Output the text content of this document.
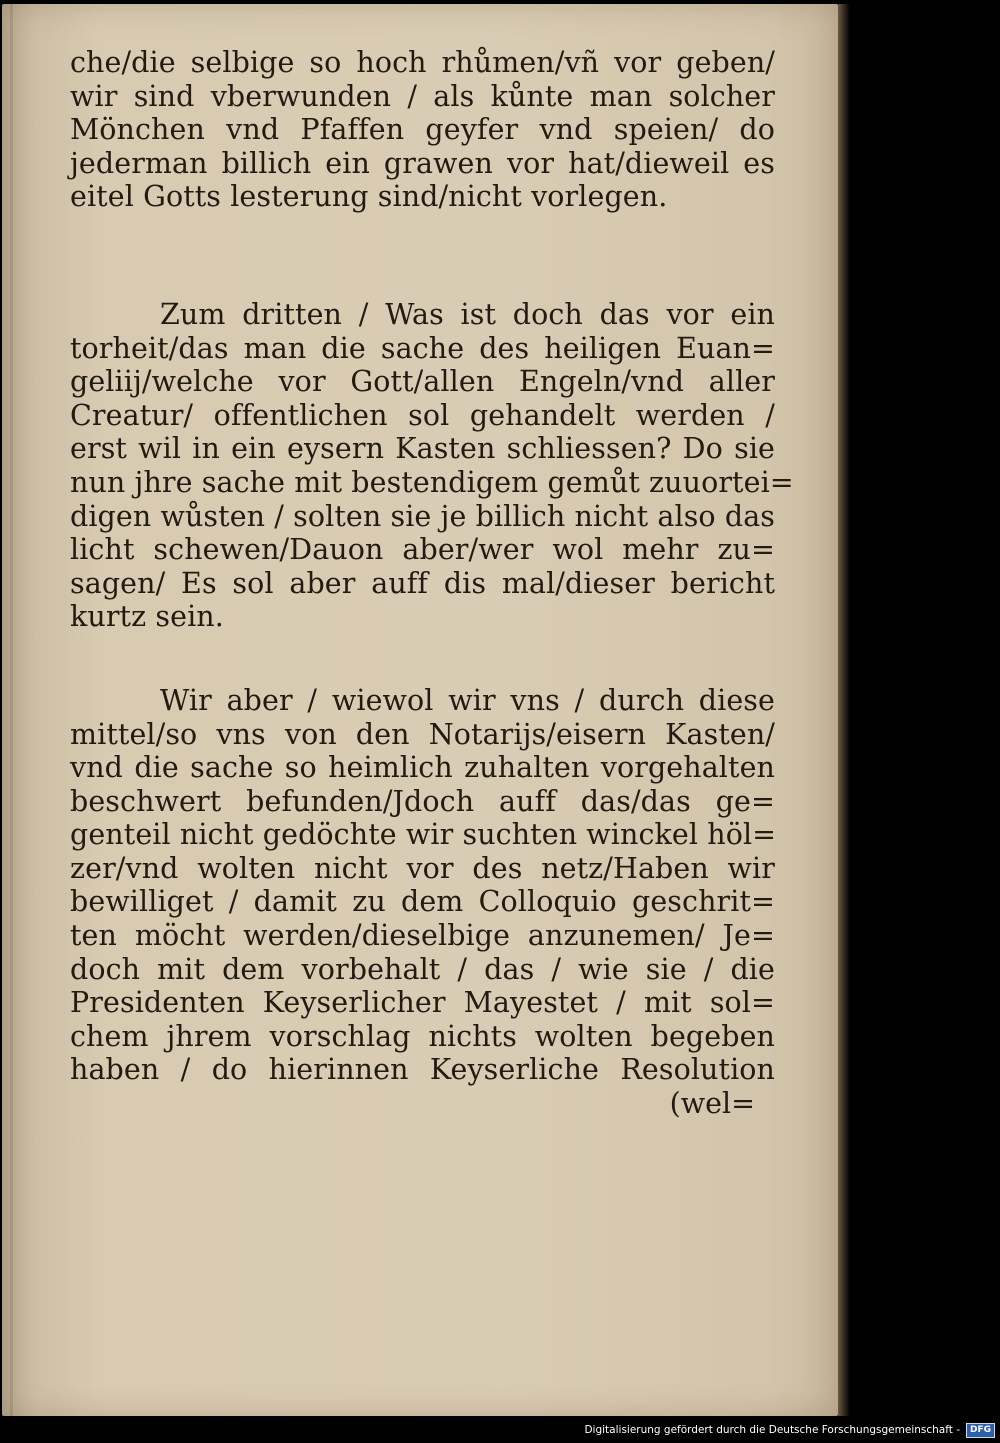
che/die selbige so hoch rhůmen/vñ vor geben/
wir sind vberwunden / als kůnte man solcher
Mönchen vnd Pfaffen geyfer vnd speien/ do
jederman billich ein grawen vor hat/dieweil es
eitel Gotts lesterung sind/nicht vorlegen.
Zum dritten / Was ist doch das vor ein
torheit/das man die sache des heiligen Euan=
geliij/welche vor Gott/allen Engeln/vnd aller
Creatur/ offentlichen sol gehandelt werden /
erst wil in ein eysern Kasten schliessen? Do sie
nun jhre sache mit bestendigem gemůt zuuortei=
digen wůsten / solten sie je billich nicht also das
licht schewen/Dauon aber/wer wol mehr zu=
sagen/ Es sol aber auff dis mal/dieser bericht
kurtz sein.
Wir aber / wiewol wir vns / durch diese
mittel/so vns von den Notarijs/eisern Kasten/
vnd die sache so heimlich zuhalten vorgehalten
beschwert befunden/Jdoch auff das/das ge=
genteil nicht gedöchte wir suchten winckel höl=
zer/vnd wolten nicht vor des netz/Haben wir
bewilliget / damit zu dem Colloquio geschrit=
ten möcht werden/dieselbige anzunemen/ Je=
doch mit dem vorbehalt / das / wie sie / die
Presidenten Keyserlicher Mayestet / mit sol=
chem jhrem vorschlag nichts wolten begeben
haben / do hierinnen Keyserliche Resolution
(wel=
Digitalisierung gefördert durch die Deutsche Forschungsgemeinschaft -	DFG
